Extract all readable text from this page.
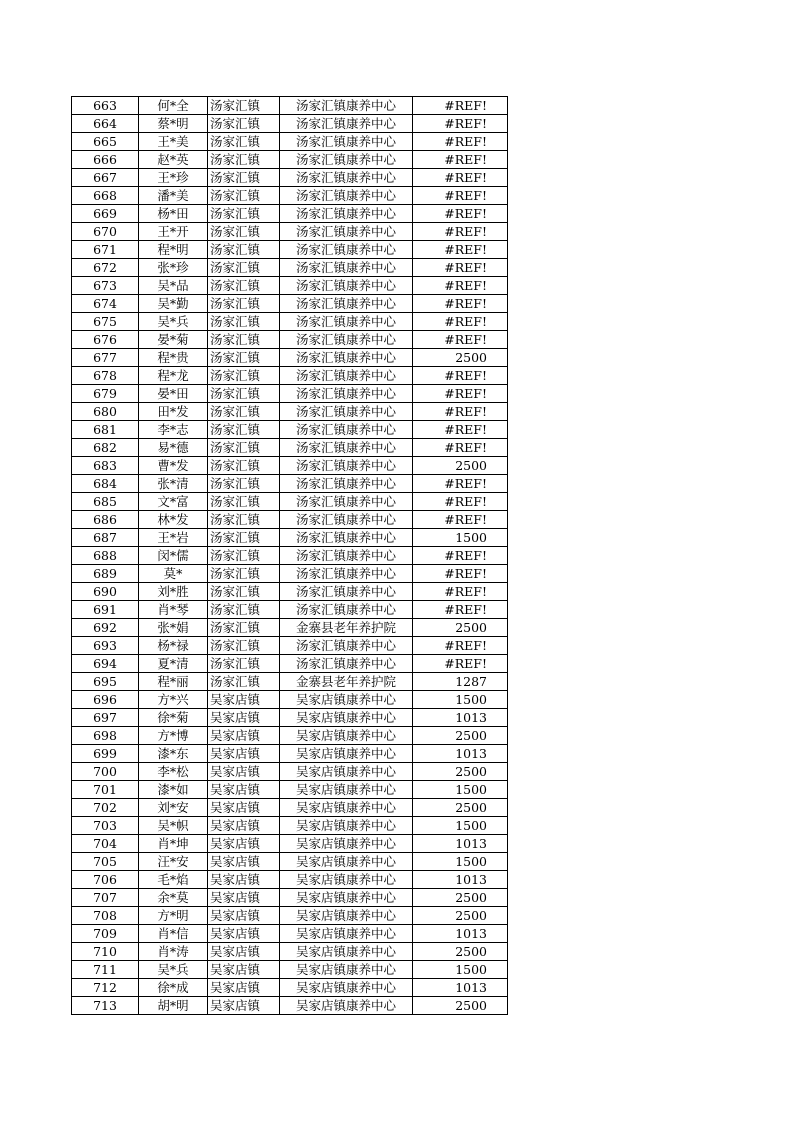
663	何*全	汤家汇镇	汤家汇镇康养中心	#REF!
664	蔡*明	汤家汇镇	汤家汇镇康养中心	#REF!
665	王*美	汤家汇镇	汤家汇镇康养中心	#REF!
666	赵*英	汤家汇镇	汤家汇镇康养中心	#REF!
667	王*珍	汤家汇镇	汤家汇镇康养中心	#REF!
668	潘*美	汤家汇镇	汤家汇镇康养中心	#REF!
669	杨*田	汤家汇镇	汤家汇镇康养中心	#REF!
670	王*开	汤家汇镇	汤家汇镇康养中心	#REF!
671	程*明	汤家汇镇	汤家汇镇康养中心	#REF!
672	张*珍	汤家汇镇	汤家汇镇康养中心	#REF!
673	吴*品	汤家汇镇	汤家汇镇康养中心	#REF!
674	吴*勤	汤家汇镇	汤家汇镇康养中心	#REF!
675	吴*兵	汤家汇镇	汤家汇镇康养中心	#REF!
676	晏*菊	汤家汇镇	汤家汇镇康养中心	#REF!
677	程*贵	汤家汇镇	汤家汇镇康养中心	2500
678	程*龙	汤家汇镇	汤家汇镇康养中心	#REF!
679	晏*田	汤家汇镇	汤家汇镇康养中心	#REF!
680	田*发	汤家汇镇	汤家汇镇康养中心	#REF!
681	李*志	汤家汇镇	汤家汇镇康养中心	#REF!
682	易*德	汤家汇镇	汤家汇镇康养中心	#REF!
683	曹*发	汤家汇镇	汤家汇镇康养中心	2500
684	张*清	汤家汇镇	汤家汇镇康养中心	#REF!
685	文*富	汤家汇镇	汤家汇镇康养中心	#REF!
686	林*发	汤家汇镇	汤家汇镇康养中心	#REF!
687	王*岩	汤家汇镇	汤家汇镇康养中心	1500
688	闵*儒	汤家汇镇	汤家汇镇康养中心	#REF!
689	莫*	汤家汇镇	汤家汇镇康养中心	#REF!
690	刘*胜	汤家汇镇	汤家汇镇康养中心	#REF!
691	肖*琴	汤家汇镇	汤家汇镇康养中心	#REF!
692	张*娟	汤家汇镇	金寨县老年养护院	2500
693	杨*禄	汤家汇镇	汤家汇镇康养中心	#REF!
694	夏*清	汤家汇镇	汤家汇镇康养中心	#REF!
695	程*丽	汤家汇镇	金寨县老年养护院	1287
696	方*兴	吴家店镇	吴家店镇康养中心	1500
697	徐*菊	吴家店镇	吴家店镇康养中心	1013
698	方*博	吴家店镇	吴家店镇康养中心	2500
699	漆*东	吴家店镇	吴家店镇康养中心	1013
700	李*松	吴家店镇	吴家店镇康养中心	2500
701	漆*如	吴家店镇	吴家店镇康养中心	1500
702	刘*安	吴家店镇	吴家店镇康养中心	2500
703	吴*帜	吴家店镇	吴家店镇康养中心	1500
704	肖*坤	吴家店镇	吴家店镇康养中心	1013
705	汪*安	吴家店镇	吴家店镇康养中心	1500
706	毛*焰	吴家店镇	吴家店镇康养中心	1013
707	余*莫	吴家店镇	吴家店镇康养中心	2500
708	方*明	吴家店镇	吴家店镇康养中心	2500
709	肖*信	吴家店镇	吴家店镇康养中心	1013
710	肖*涛	吴家店镇	吴家店镇康养中心	2500
711	吴*兵	吴家店镇	吴家店镇康养中心	1500
712	徐*成	吴家店镇	吴家店镇康养中心	1013
713	胡*明	吴家店镇	吴家店镇康养中心	2500
